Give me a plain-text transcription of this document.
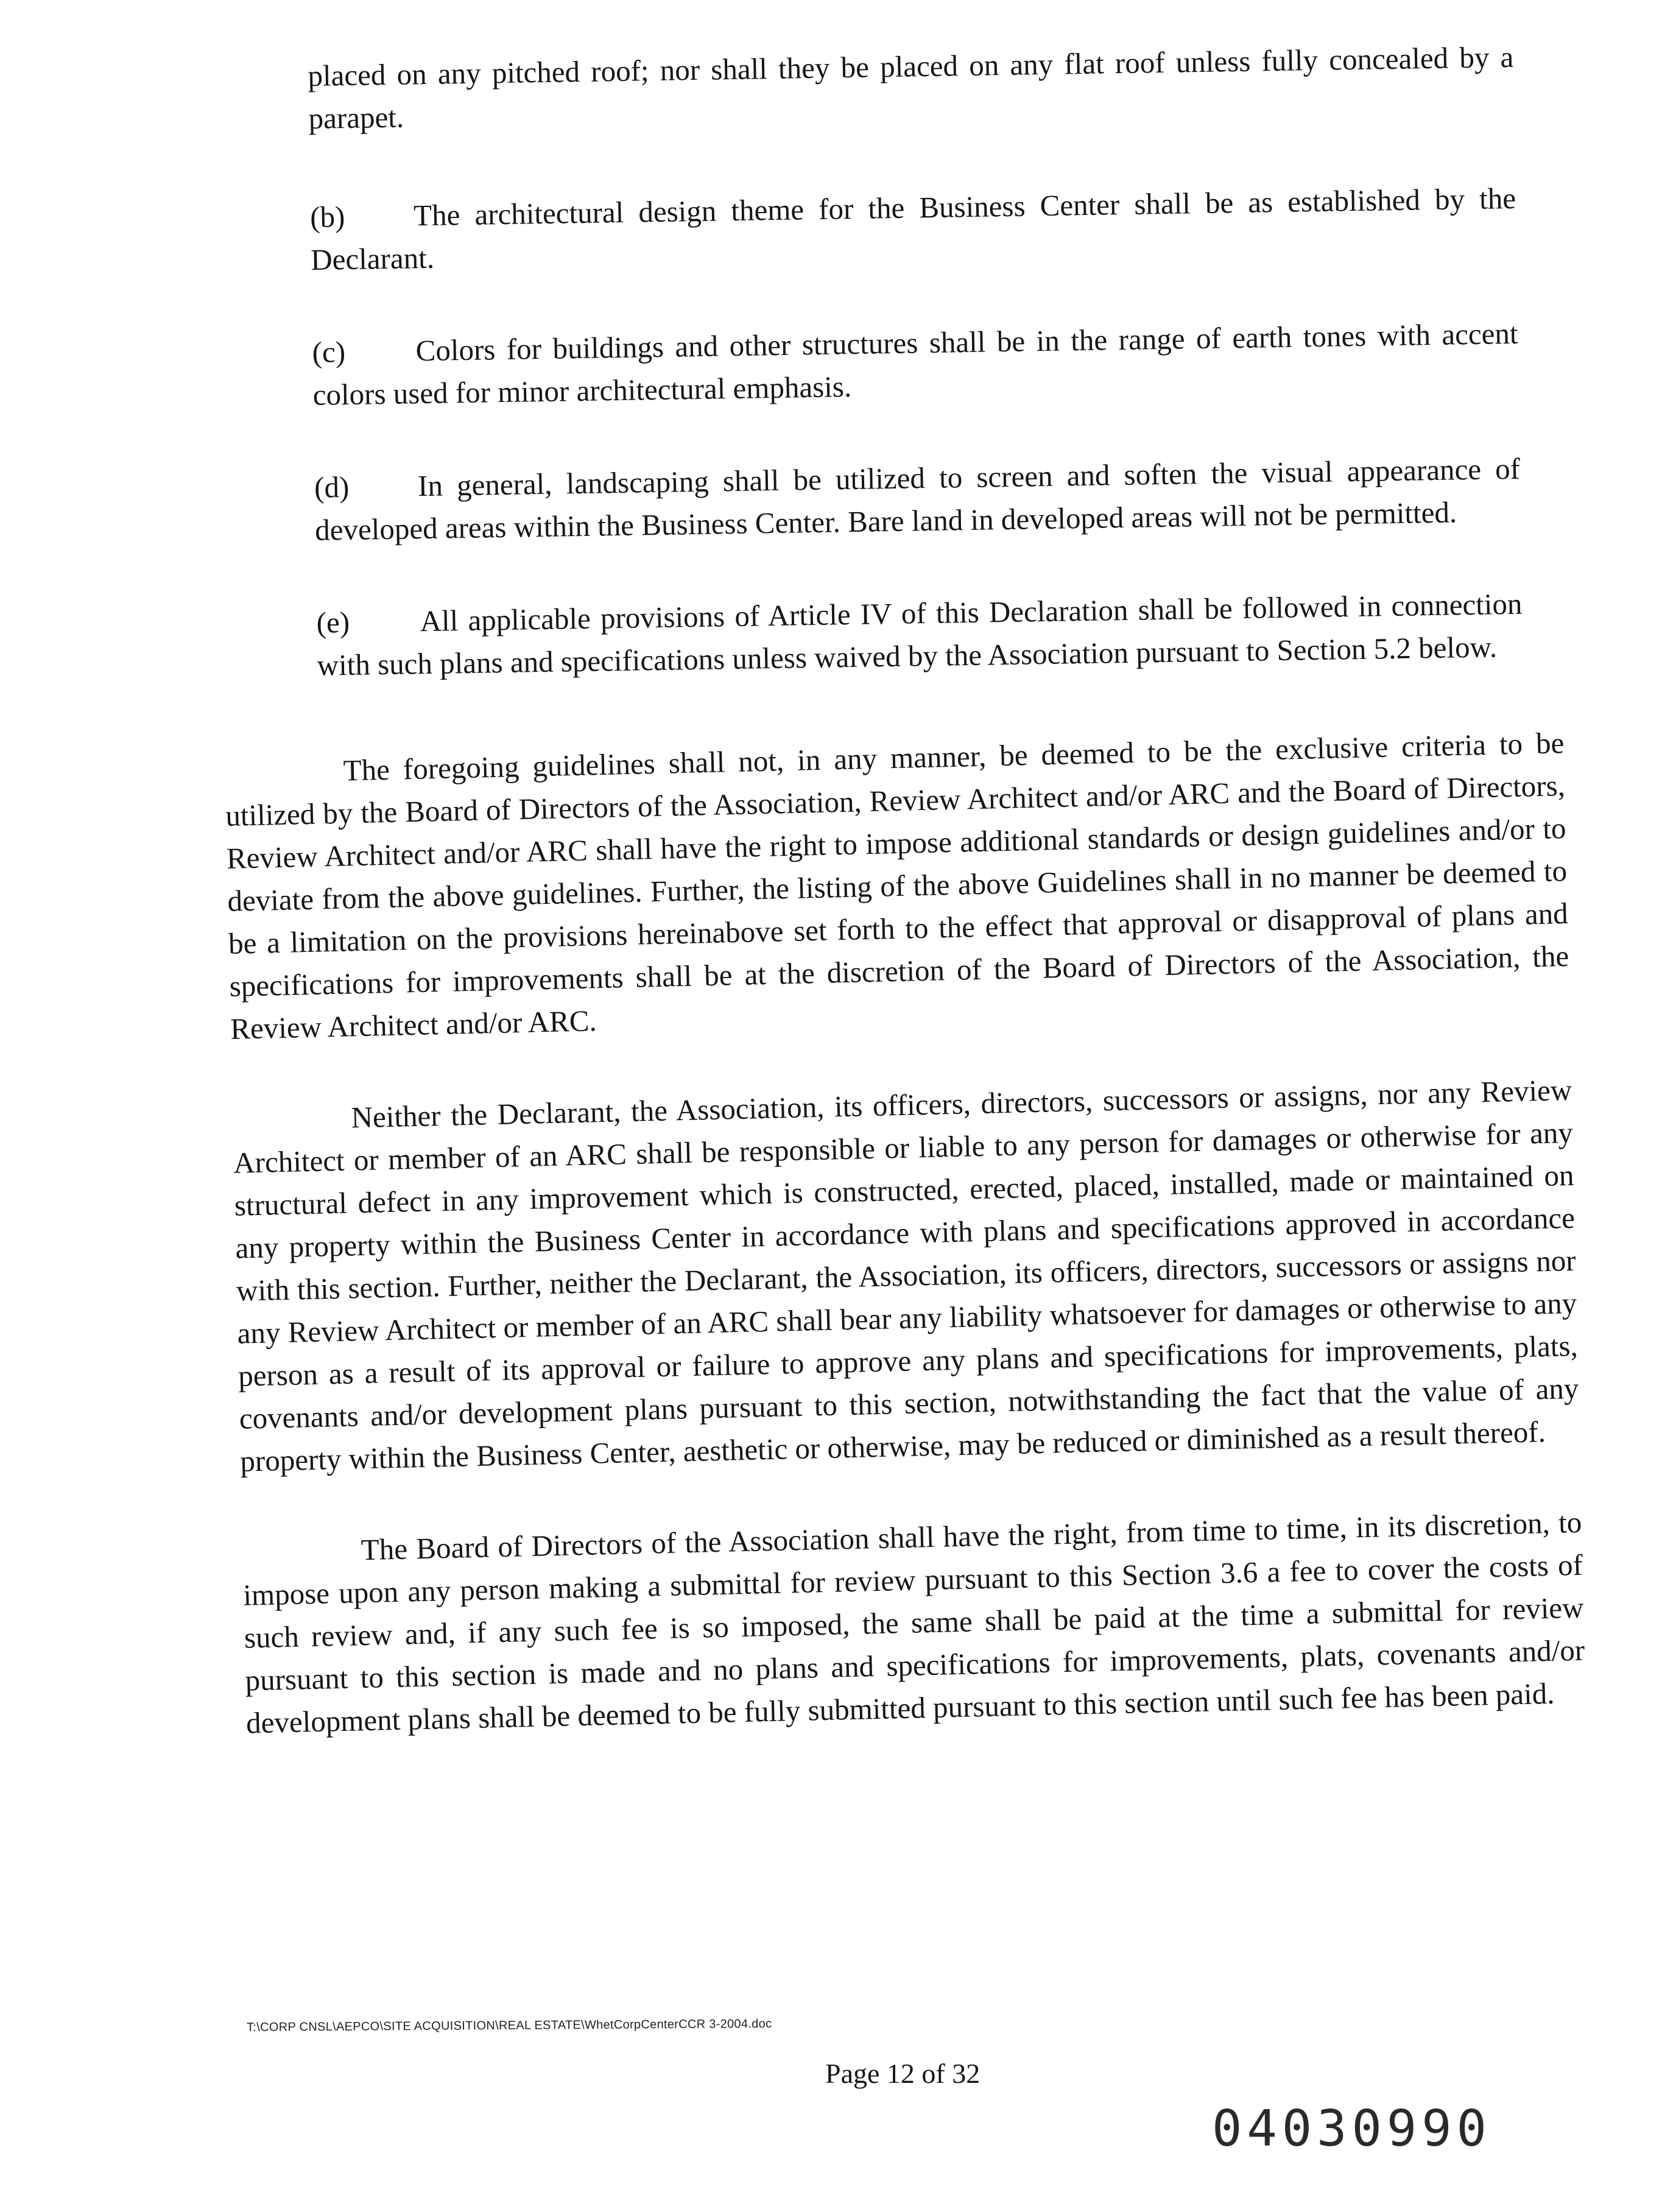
placed on any pitched roof; nor shall they be placed on any flat roof unless fully concealed by a parapet.

(b) The architectural design theme for the Business Center shall be as established by the Declarant.

(c) Colors for buildings and other structures shall be in the range of earth tones with accent colors used for minor architectural emphasis.

(d) In general, landscaping shall be utilized to screen and soften the visual appearance of developed areas within the Business Center. Bare land in developed areas will not be permitted.

(e) All applicable provisions of Article IV of this Declaration shall be followed in connection with such plans and specifications unless waived by the Association pursuant to Section 5.2 below.

The foregoing guidelines shall not, in any manner, be deemed to be the exclusive criteria to be utilized by the Board of Directors of the Association, Review Architect and/or ARC and the Board of Directors, Review Architect and/or ARC shall have the right to impose additional standards or design guidelines and/or to deviate from the above guidelines. Further, the listing of the above Guidelines shall in no manner be deemed to be a limitation on the provisions hereinabove set forth to the effect that approval or disapproval of plans and specifications for improvements shall be at the discretion of the Board of Directors of the Association, the Review Architect and/or ARC.

Neither the Declarant, the Association, its officers, directors, successors or assigns, nor any Review Architect or member of an ARC shall be responsible or liable to any person for damages or otherwise for any structural defect in any improvement which is constructed, erected, placed, installed, made or maintained on any property within the Business Center in accordance with plans and specifications approved in accordance with this section. Further, neither the Declarant, the Association, its officers, directors, successors or assigns nor any Review Architect or member of an ARC shall bear any liability whatsoever for damages or otherwise to any person as a result of its approval or failure to approve any plans and specifications for improvements, plats, covenants and/or development plans pursuant to this section, notwithstanding the fact that the value of any property within the Business Center, aesthetic or otherwise, may be reduced or diminished as a result thereof.

The Board of Directors of the Association shall have the right, from time to time, in its discretion, to impose upon any person making a submittal for review pursuant to this Section 3.6 a fee to cover the costs of such review and, if any such fee is so imposed, the same shall be paid at the time a submittal for review pursuant to this section is made and no plans and specifications for improvements, plats, covenants and/or development plans shall be deemed to be fully submitted pursuant to this section until such fee has been paid.

T:\CORP CNSL\AEPCO\SITE ACQUISITION\REAL ESTATE\WhetCorpCenterCCR 3-2004.doc
Page 12 of 32
04030990
